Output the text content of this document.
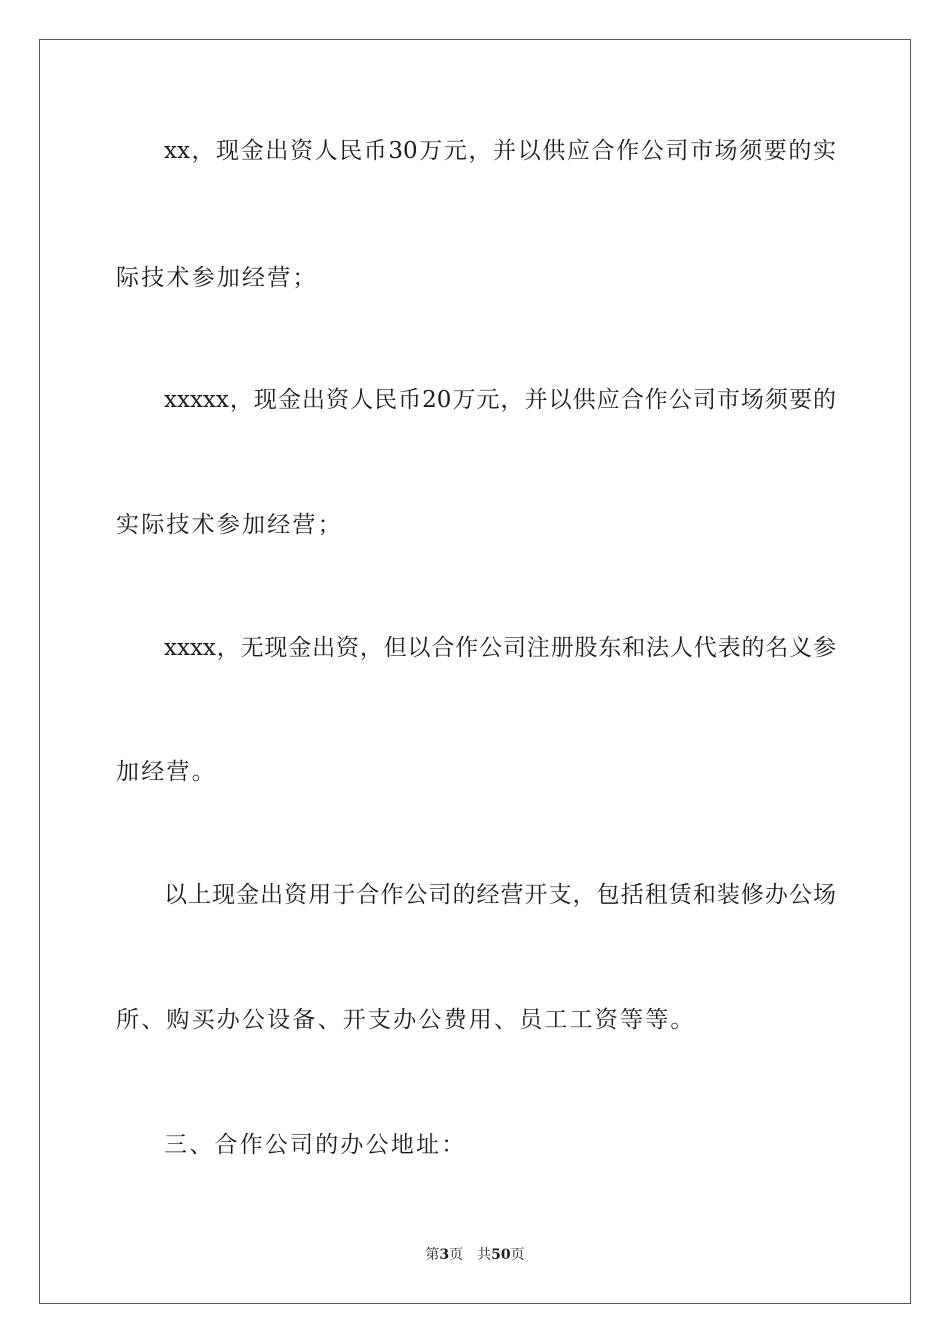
xx，现金出资人民币30万元，并以供应合作公司市场须要的实
际技术参加经营；
xxxxx，现金出资人民币20万元，并以供应合作公司市场须要的
实际技术参加经营；
xxxx，无现金出资，但以合作公司注册股东和法人代表的名义参
加经营。
以上现金出资用于合作公司的经营开支，包括租赁和装修办公场
所、购买办公设备、开支办公费用、员工工资等等。
三、合作公司的办公地址：
第3页 共50页
